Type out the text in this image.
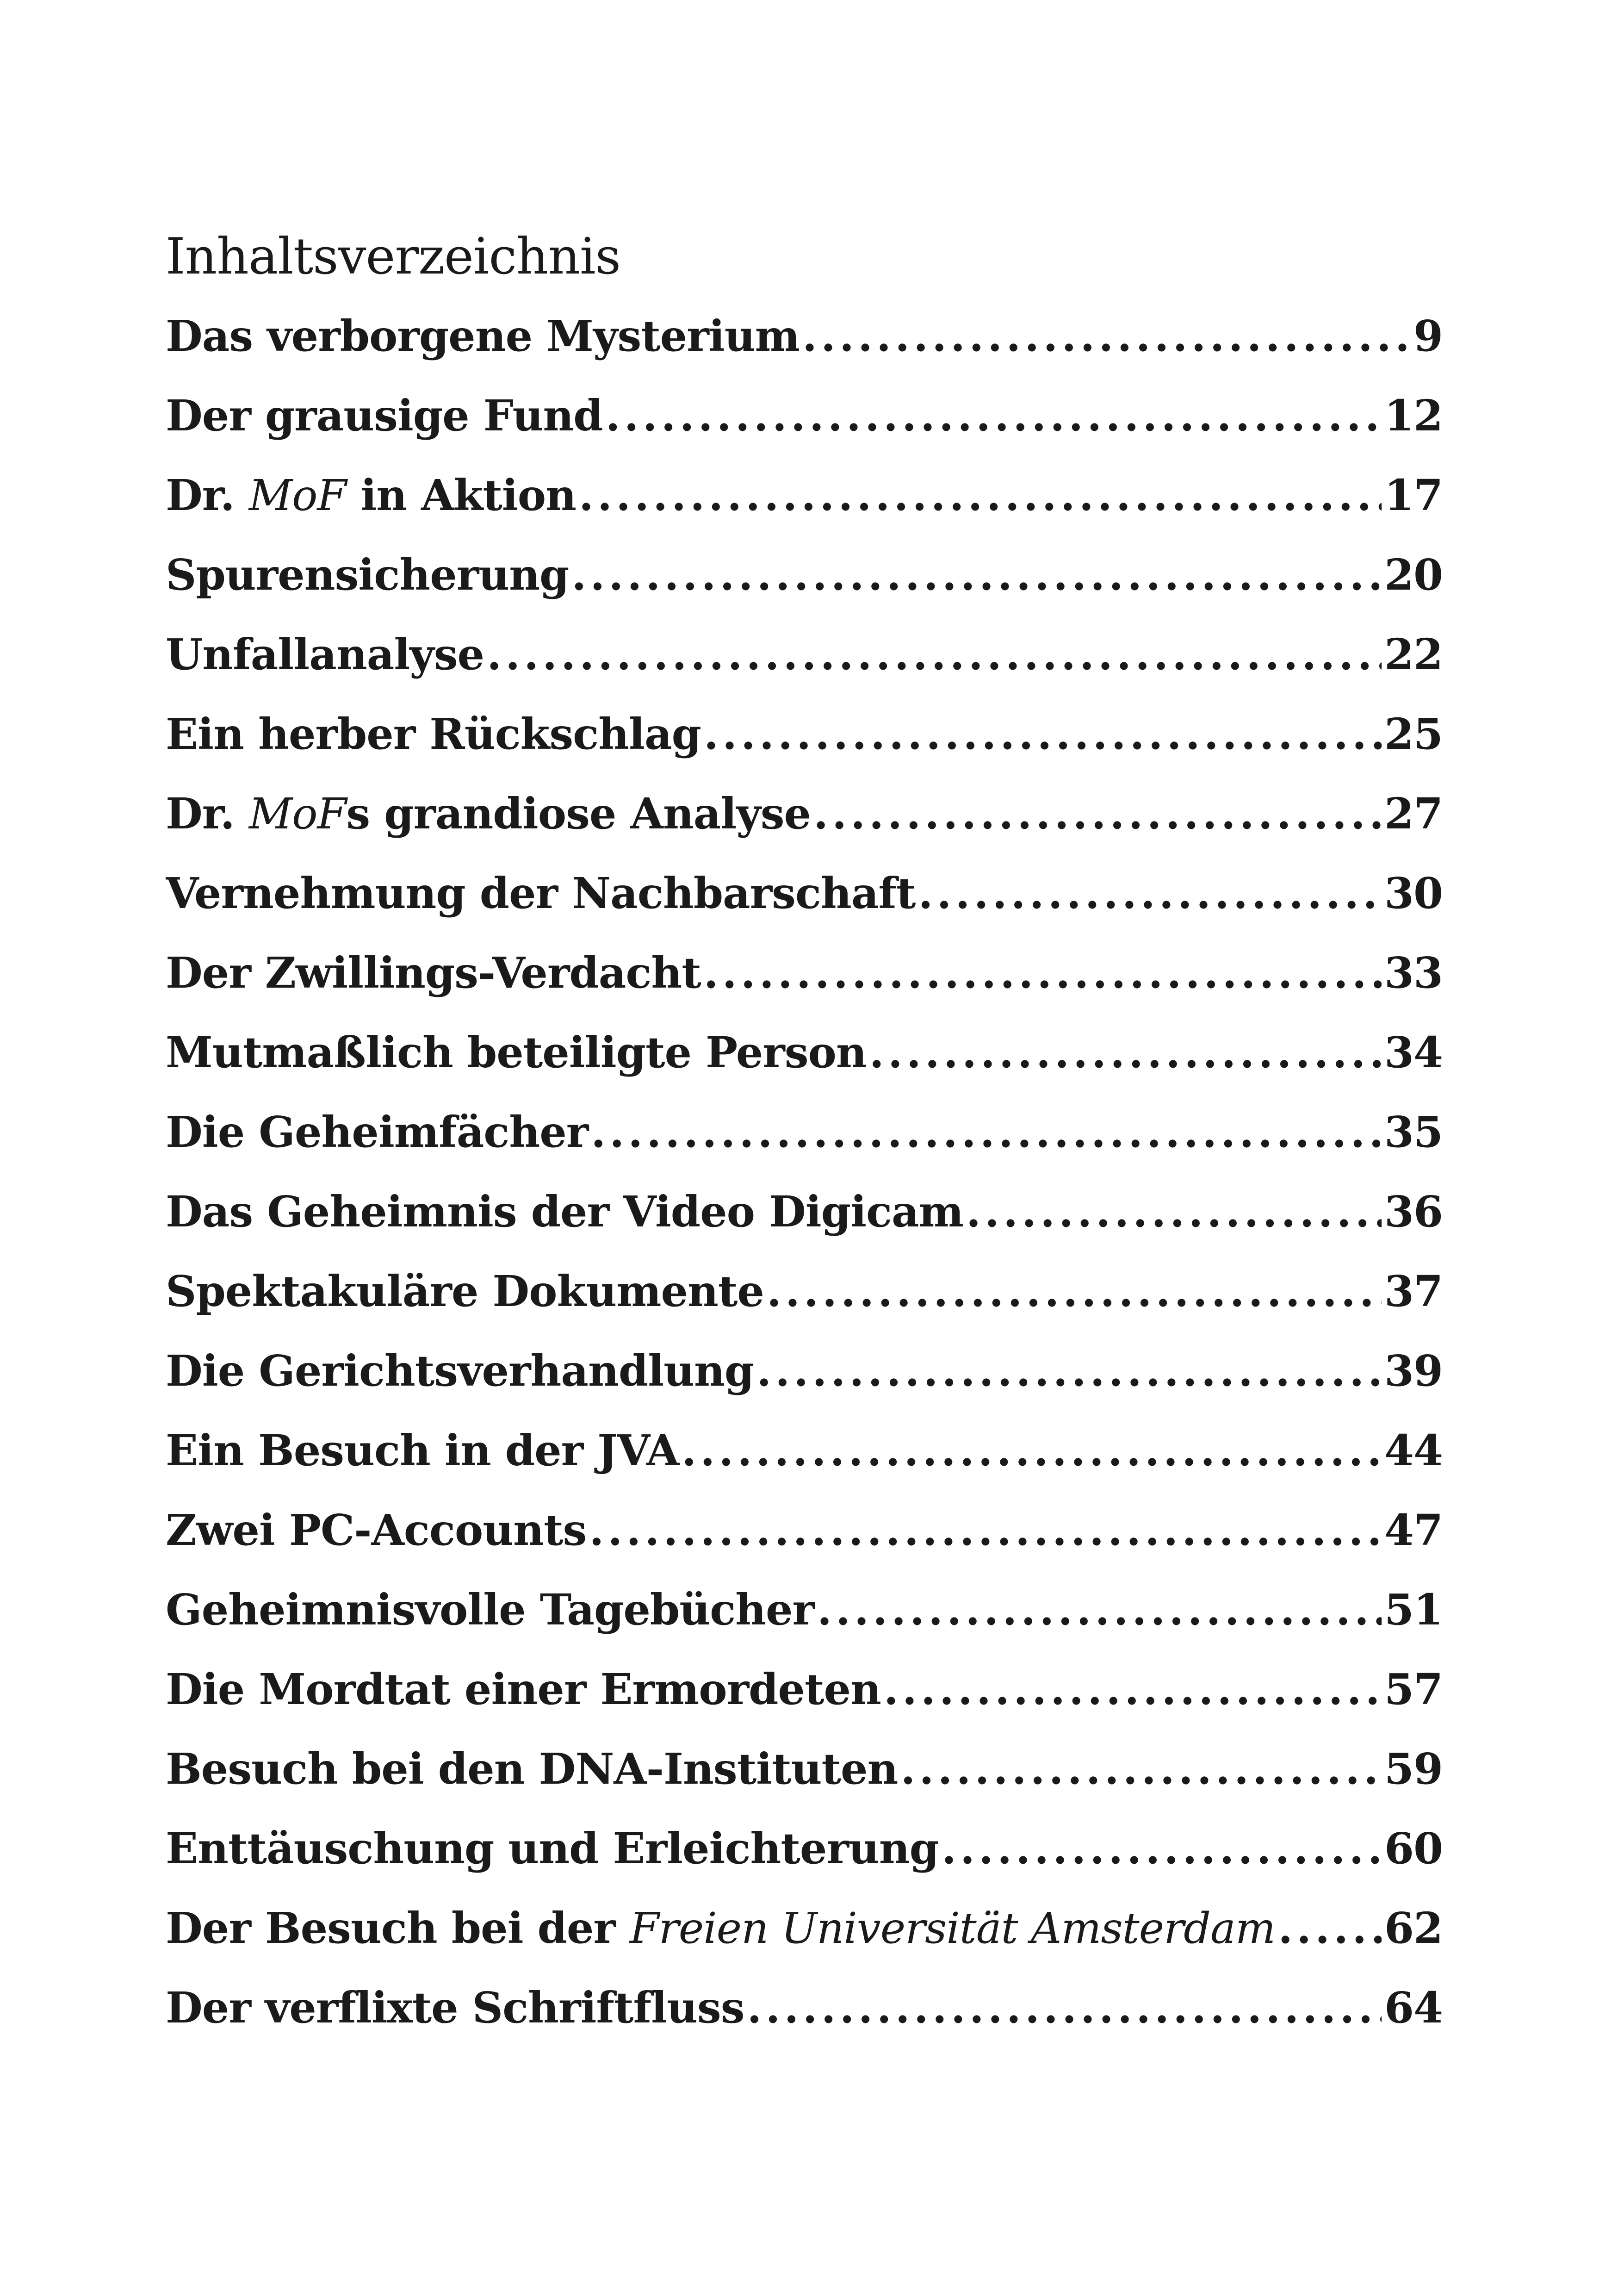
Inhaltsverzeichnis
Das verborgene Mysterium .....	9
Der grausige Fund .....	12
Dr. MoF in Aktion .....	17
Spurensicherung .....	20
Unfallanalyse .....	22
Ein herber Rückschlag .....	25
Dr. MoFs grandiose Analyse .....	27
Vernehmung der Nachbarschaft .....	30
Der Zwillings-Verdacht .....	33
Mutmaßlich beteiligte Person .....	34
Die Geheimfächer .....	35
Das Geheimnis der Video Digicam .....	36
Spektakuläre Dokumente .....	37
Die Gerichtsverhandlung .....	39
Ein Besuch in der JVA .....	44
Zwei PC-Accounts .....	47
Geheimnisvolle Tagebücher .....	51
Die Mordtat einer Ermordeten .....	57
Besuch bei den DNA-Instituten .....	59
Enttäuschung und Erleichterung .....	60
Der Besuch bei der Freien Universität Amsterdam .....	62
Der verflixte Schriftfluss .....	64
